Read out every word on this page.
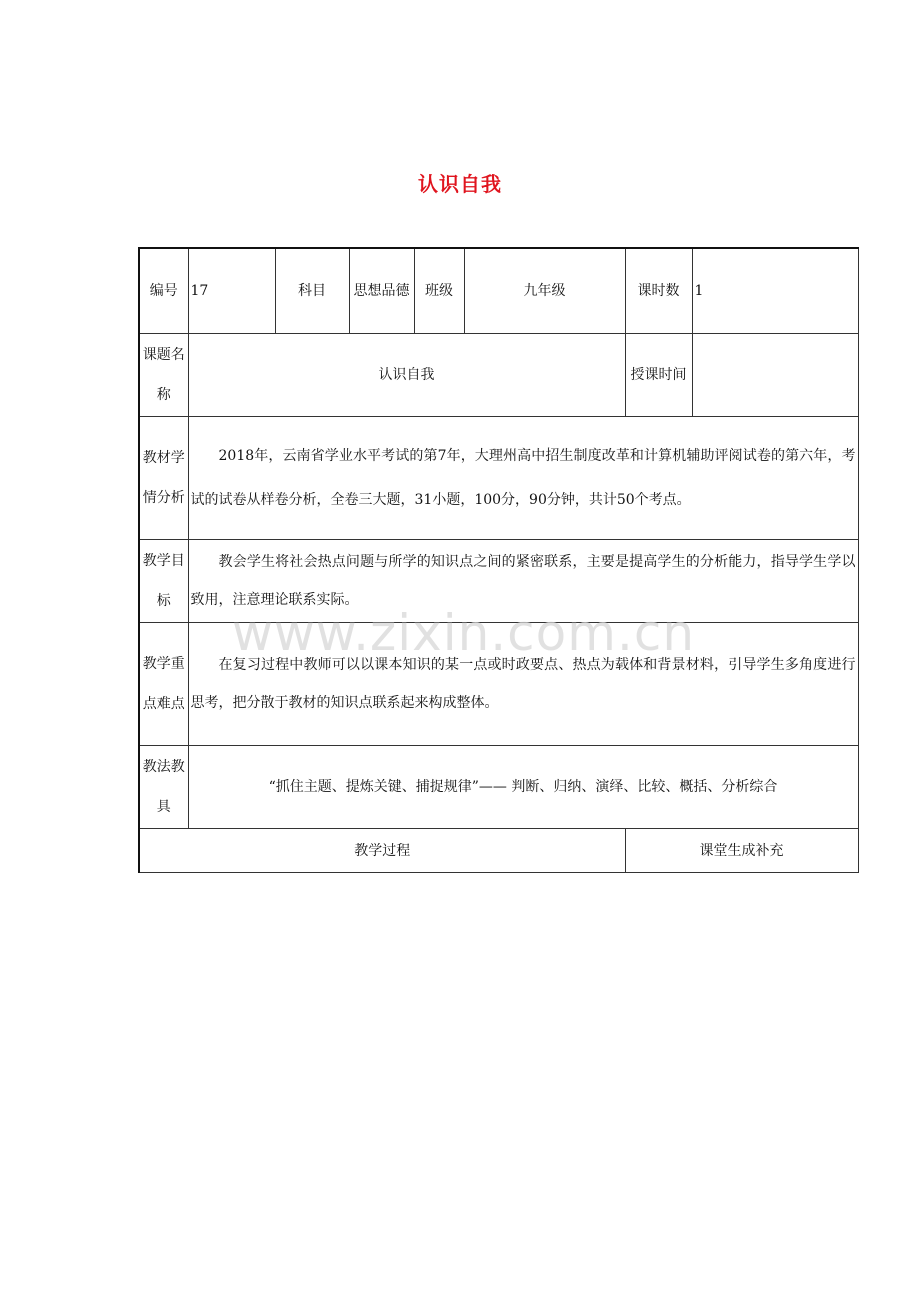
认识自我
编号	17	科目	思想品德	班级	九年级	课时数	1
课题名称	认识自我					授课时间	
教材学情分析	2018年，云南省学业水平考试的第7年，大理州高中招生制度改革和计算机辅助评阅试卷的第六年，考试的试卷从样卷分析，全卷三大题，31小题，100分，90分钟，共计50个考点。						
教学目标	教会学生将社会热点问题与所学的知识点之间的紧密联系，主要是提高学生的分析能力，指导学生学以致用，注意理论联系实际。						
教学重点难点	在复习过程中教师可以以课本知识的某一点或时政要点、热点为载体和背景材料，引导学生多角度进行思考，把分散于教材的知识点联系起来构成整体。						
教法教具	“抓住主题、提炼关键、捕捉规律”—— 判断、归纳、演绎、比较、概括、分析综合						
教学过程						课堂生成补充	
www.zixin.com.cn
